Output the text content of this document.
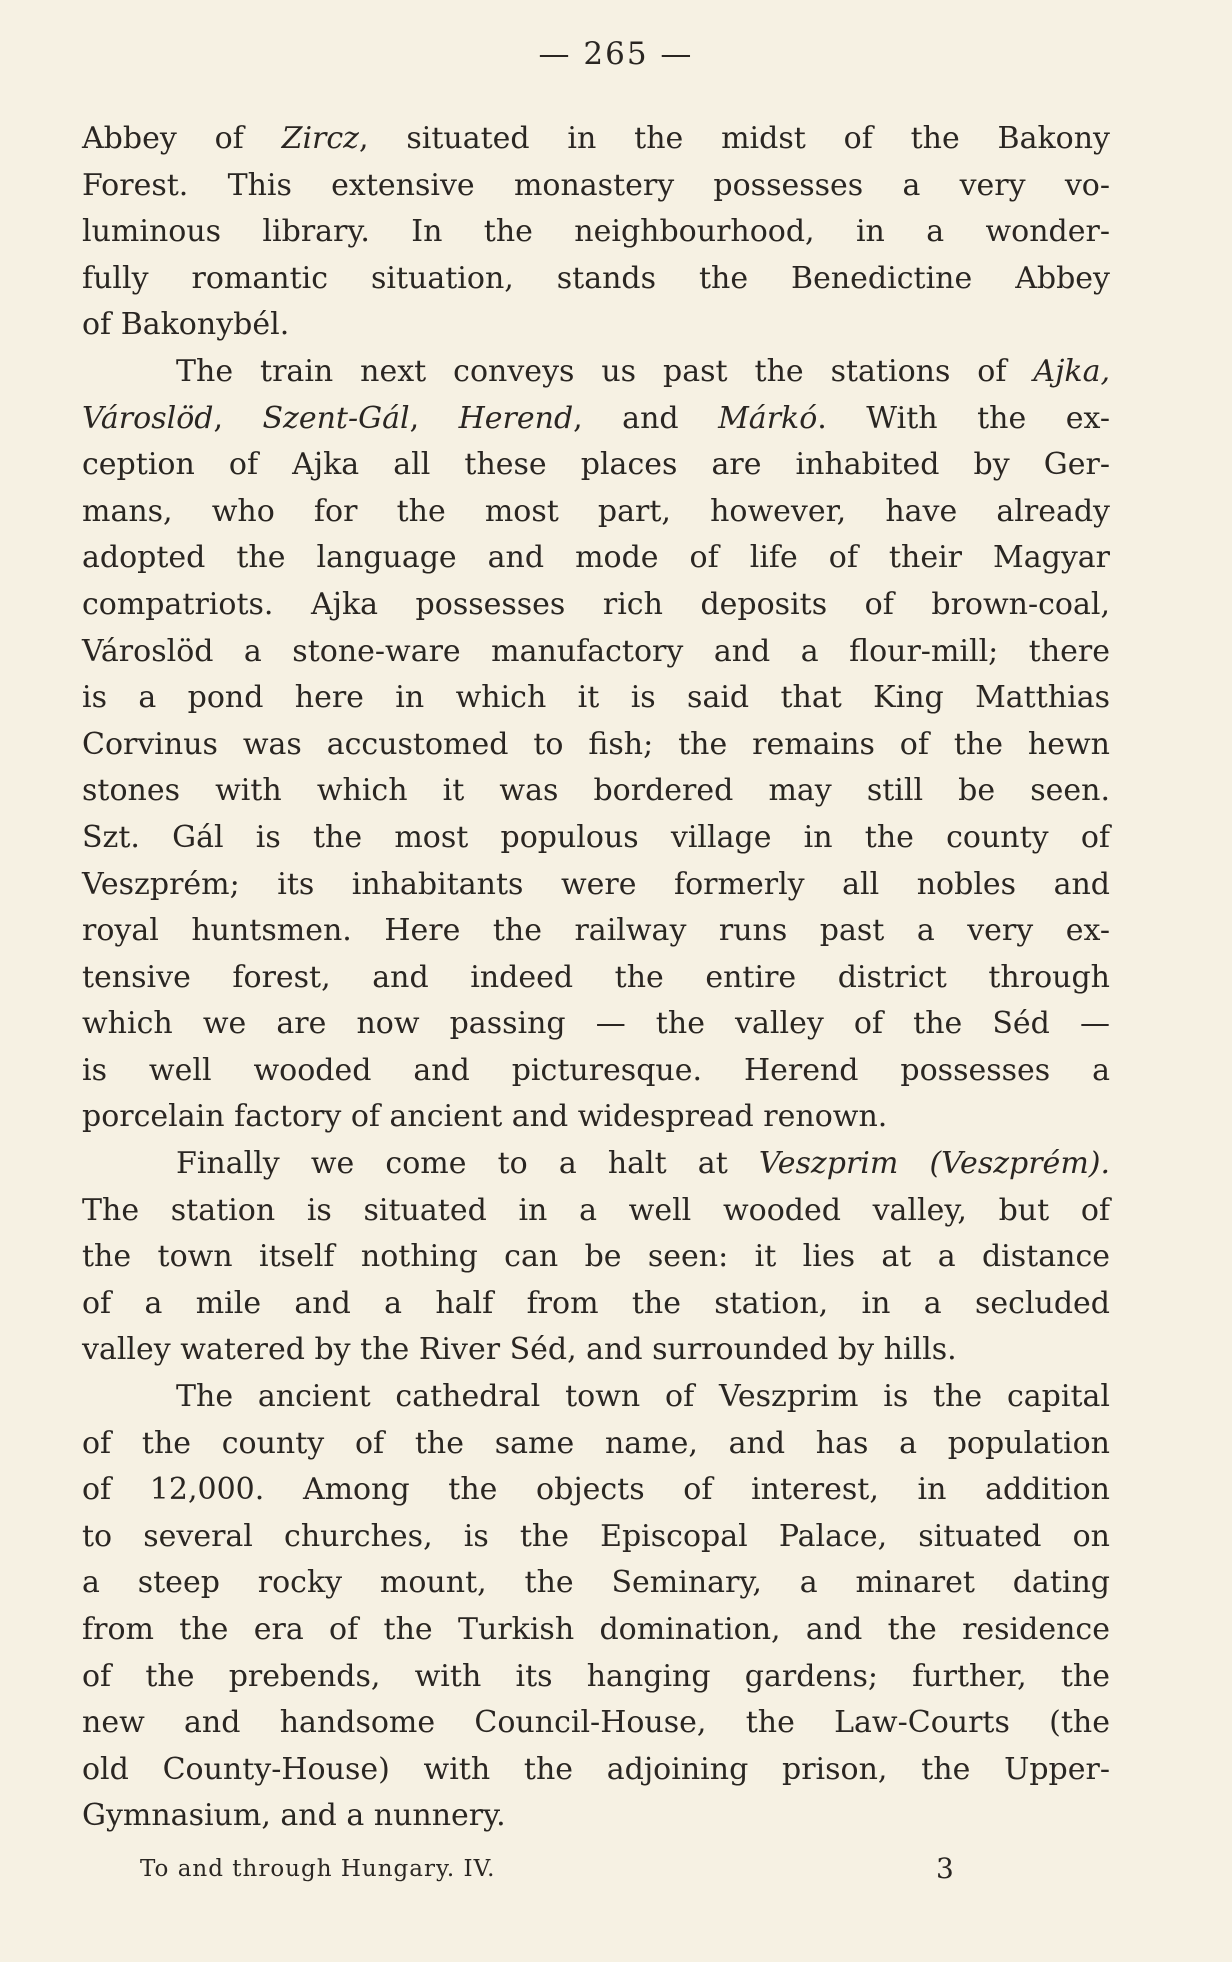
— 265 —
Abbey of Zircz, situated in the midst of the Bakony
Forest. This extensive monastery possesses a very vo-
luminous library. In the neighbourhood, in a wonder-
fully romantic situation, stands the Benedictine Abbey
of Bakonybél.
The train next conveys us past the stations of Ajka,
Városlöd, Szent-Gál, Herend, and Márkó. With the ex-
ception of Ajka all these places are inhabited by Ger-
mans, who for the most part, however, have already
adopted the language and mode of life of their Magyar
compatriots. Ajka possesses rich deposits of brown-coal,
Városlöd a stone-ware manufactory and a flour-mill; there
is a pond here in which it is said that King Matthias
Corvinus was accustomed to fish; the remains of the hewn
stones with which it was bordered may still be seen.
Szt. Gál is the most populous village in the county of
Veszprém; its inhabitants were formerly all nobles and
royal huntsmen. Here the railway runs past a very ex-
tensive forest, and indeed the entire district through
which we are now passing — the valley of the Séd —
is well wooded and picturesque. Herend possesses a
porcelain factory of ancient and widespread renown.
Finally we come to a halt at Veszprim (Veszprém).
The station is situated in a well wooded valley, but of
the town itself nothing can be seen: it lies at a distance
of a mile and a half from the station, in a secluded
valley watered by the River Séd, and surrounded by hills.
The ancient cathedral town of Veszprim is the capital
of the county of the same name, and has a population
of 12,000. Among the objects of interest, in addition
to several churches, is the Episcopal Palace, situated on
a steep rocky mount, the Seminary, a minaret dating
from the era of the Turkish domination, and the residence
of the prebends, with its hanging gardens; further, the
new and handsome Council-House, the Law-Courts (the
old County-House) with the adjoining prison, the Upper-
Gymnasium, and a nunnery.
To and through Hungary. IV.	3
